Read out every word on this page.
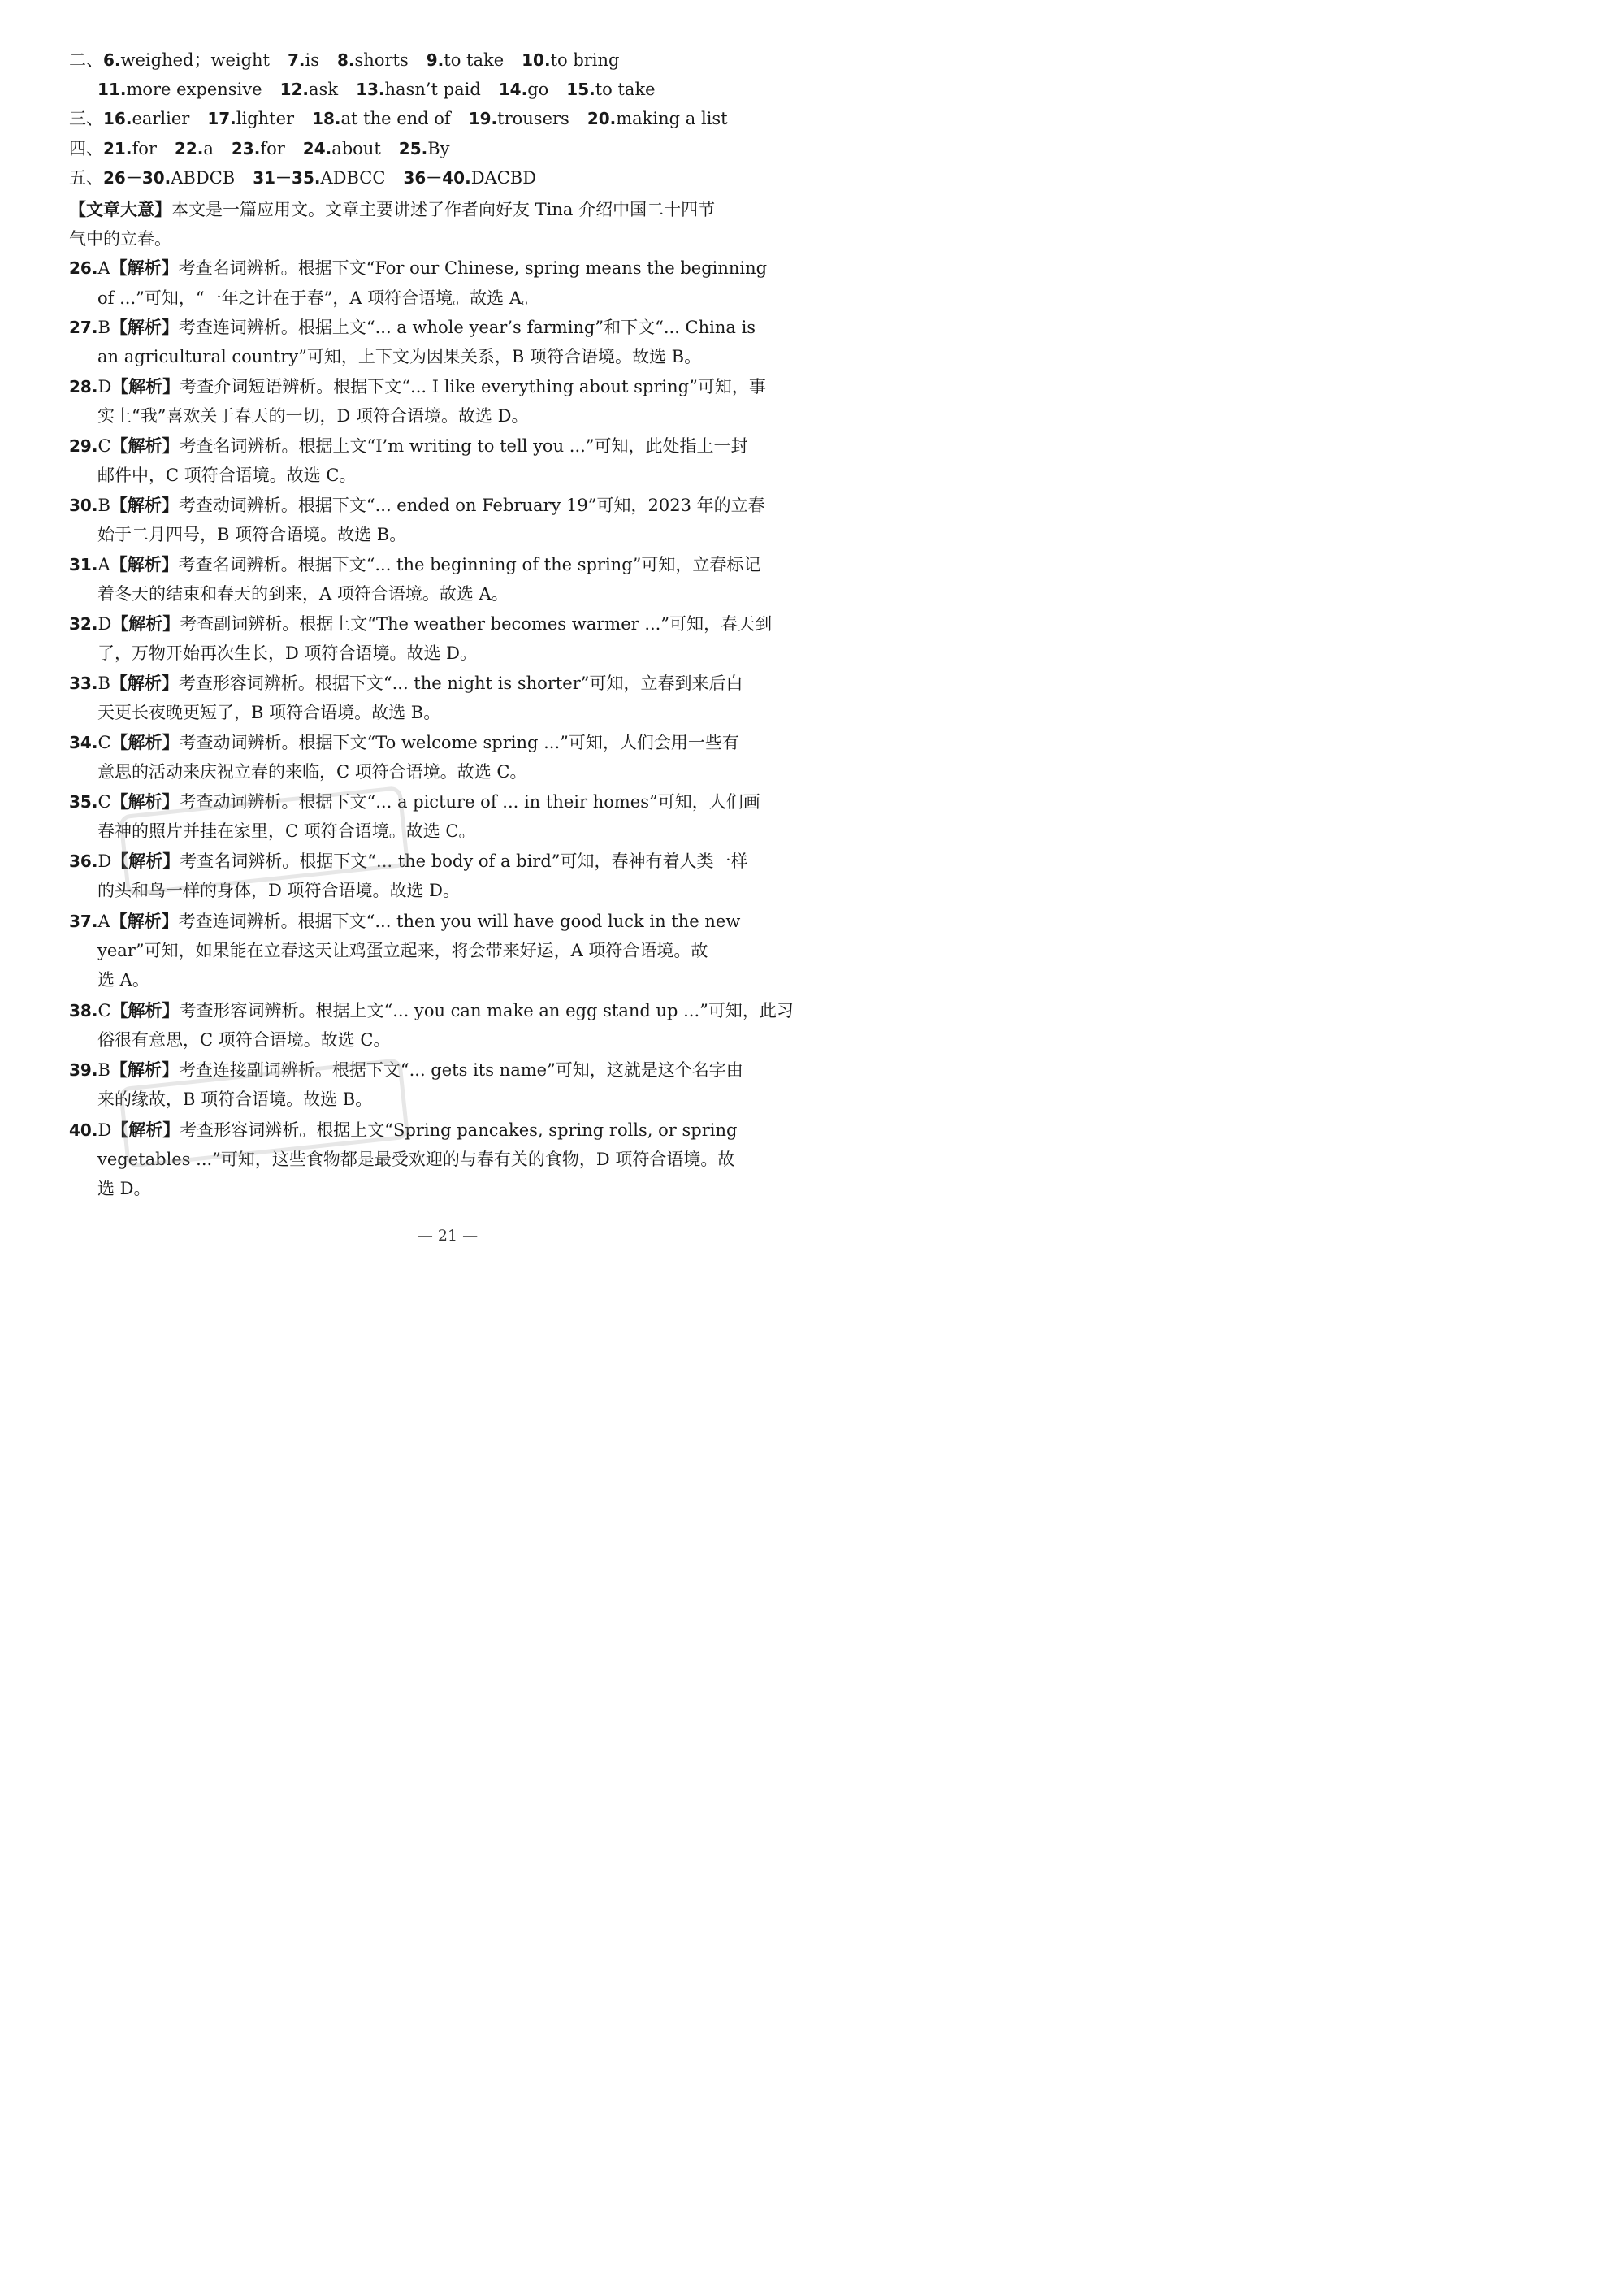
二、6.weighed；weight 7.is 8.shorts 9.to take 10.to bring
11.more expensive 12.ask 13.hasn’t paid 14.go 15.to take
三、16.earlier 17.lighter 18.at the end of 19.trousers 20.making a list
四、21.for 22.a 23.for 24.about 25.By
五、26－30.ABDCB 31－35.ADBCC 36－40.DACBD
【文章大意】本文是一篇应用文。文章主要讲述了作者向好友 Tina 介绍中国二十四节
气中的立春。
26.A【解析】考查名词辨析。根据下文“For our Chinese, spring means the beginning
of ...”可知，“一年之计在于春”，A 项符合语境。故选 A。
27.B【解析】考查连词辨析。根据上文“... a whole year’s farming”和下文“... China is
an agricultural country”可知，上下文为因果关系，B 项符合语境。故选 B。
28.D【解析】考查介词短语辨析。根据下文“... I like everything about spring”可知，事
实上“我”喜欢关于春天的一切，D 项符合语境。故选 D。
29.C【解析】考查名词辨析。根据上文“I’m writing to tell you ...”可知，此处指上一封
邮件中，C 项符合语境。故选 C。
30.B【解析】考查动词辨析。根据下文“... ended on February 19”可知，2023 年的立春
始于二月四号，B 项符合语境。故选 B。
31.A【解析】考查名词辨析。根据下文“... the beginning of the spring”可知，立春标记
着冬天的结束和春天的到来，A 项符合语境。故选 A。
32.D【解析】考查副词辨析。根据上文“The weather becomes warmer ...”可知，春天到
了，万物开始再次生长，D 项符合语境。故选 D。
33.B【解析】考查形容词辨析。根据下文“... the night is shorter”可知，立春到来后白
天更长夜晚更短了，B 项符合语境。故选 B。
34.C【解析】考查动词辨析。根据下文“To welcome spring ...”可知，人们会用一些有
意思的活动来庆祝立春的来临，C 项符合语境。故选 C。
35.C【解析】考查动词辨析。根据下文“... a picture of ... in their homes”可知，人们画
春神的照片并挂在家里，C 项符合语境。故选 C。
36.D【解析】考查名词辨析。根据下文“... the body of a bird”可知，春神有着人类一样
的头和鸟一样的身体，D 项符合语境。故选 D。
37.A【解析】考查连词辨析。根据下文“... then you will have good luck in the new
year”可知，如果能在立春这天让鸡蛋立起来，将会带来好运，A 项符合语境。故
选 A。
38.C【解析】考查形容词辨析。根据上文“... you can make an egg stand up ...”可知，此习
俗很有意思，C 项符合语境。故选 C。
39.B【解析】考查连接副词辨析。根据下文“... gets its name”可知，这就是这个名字由
来的缘故，B 项符合语境。故选 B。
40.D【解析】考查形容词辨析。根据上文“Spring pancakes, spring rolls, or spring
vegetables ...”可知，这些食物都是最受欢迎的与春有关的食物，D 项符合语境。故
选 D。
— 21 —
